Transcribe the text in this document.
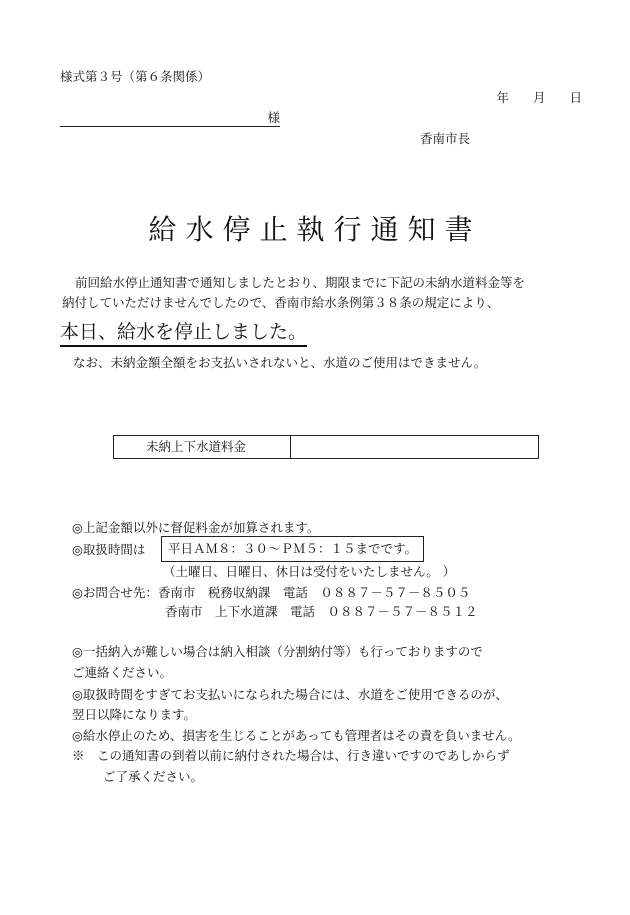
様式第３号（第６条関係）
年 月 日
様
香南市長
給水停止執行通知書
前回給水停止通知書で通知しましたとおり、期限までに下記の未納水道料金等を
納付していただけませんでしたので、香南市給水条例第３８条の規定により、
本日、給水を停止しました。
なお、未納金額全額をお支払いされないと、水道のご使用はできません。
未納上下水道料金
◎上記金額以外に督促料金が加算されます。
◎取扱時間は	平日ＡＭ８：３０～ＰＭ５：１５までです。
（土曜日、日曜日、休日は受付をいたしません。 ）
◎お問合せ先：香南市　税務収納課　電話　０８８７－５７－８５０５
香南市　上下水道課　電話　０８８７－５７－８５１２
◎一括納入が難しい場合は納入相談（分割納付等）も行っておりますので
ご連絡ください。
◎取扱時間をすぎてお支払いになられた場合には、水道をご使用できるのが、
翌日以降になります。
◎給水停止のため、損害を生じることがあっても管理者はその責を負いません。
※　この通知書の到着以前に納付された場合は、行き違いですのであしからず
ご了承ください。
